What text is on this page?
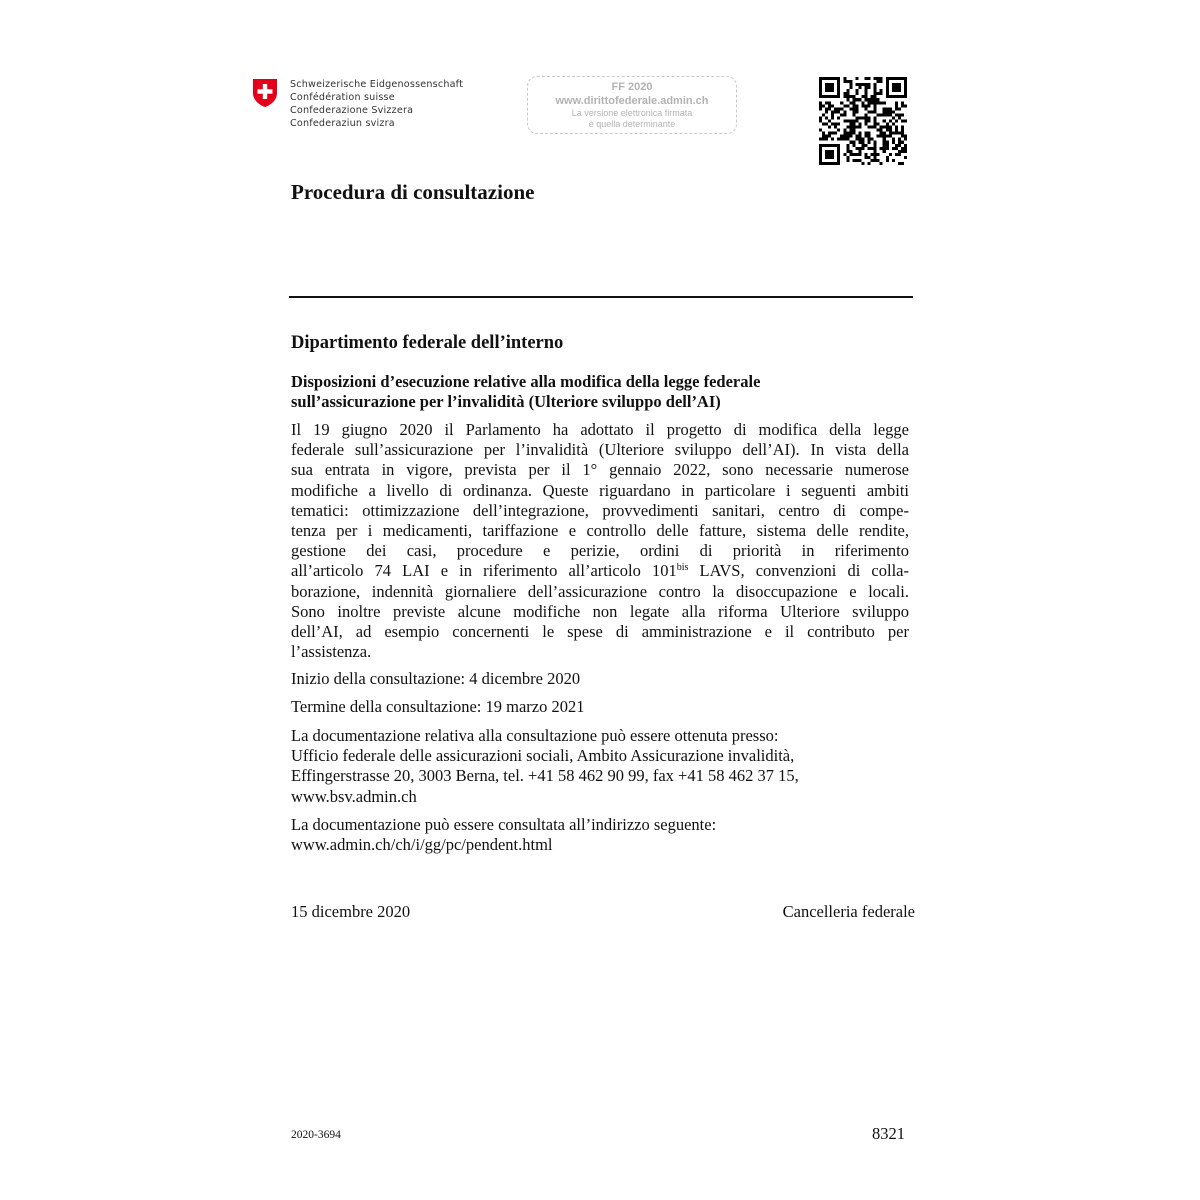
Schweizerische Eidgenossenschaft
Confédération suisse
Confederazione Svizzera
Confederaziun svizra
FF 2020
www.dirittofederale.admin.ch
La versione elettronica firmata
è quella determinante
Procedura di consultazione
Dipartimento federale dell’interno
Disposizioni d’esecuzione relative alla modifica della legge federale
sull’assicurazione per l’invalidità (Ulteriore sviluppo dell’AI)
Il 19 giugno 2020 il Parlamento ha adottato il progetto di modifica della legge
federale sull’assicurazione per l’invalidità (Ulteriore sviluppo dell’AI). In vista della
sua entrata in vigore, prevista per il 1° gennaio 2022, sono necessarie numerose
modifiche a livello di ordinanza. Queste riguardano in particolare i seguenti ambiti
tematici: ottimizzazione dell’integrazione, provvedimenti sanitari, centro di compe-
tenza per i medicamenti, tariffazione e controllo delle fatture, sistema delle rendite,
gestione dei casi, procedure e perizie, ordini di priorità in riferimento
all’articolo 74 LAI e in riferimento all’articolo $101^{bis}$ LAVS, convenzioni di colla-
borazione, indennità giornaliere dell’assicurazione contro la disoccupazione e locali.
Sono inoltre previste alcune modifiche non legate alla riforma Ulteriore sviluppo
dell’AI, ad esempio concernenti le spese di amministrazione e il contributo per
l’assistenza.
Inizio della consultazione: 4 dicembre 2020
Termine della consultazione: 19 marzo 2021
La documentazione relativa alla consultazione può essere ottenuta presso:
Ufficio federale delle assicurazioni sociali, Ambito Assicurazione invalidità,
Effingerstrasse 20, 3003 Berna, tel. +41 58 462 90 99, fax +41 58 462 37 15,
www.bsv.admin.ch
La documentazione può essere consultata all’indirizzo seguente:
www.admin.ch/ch/i/gg/pc/pendent.html
15 dicembre 2020	Cancelleria federale
2020-3694	8321
